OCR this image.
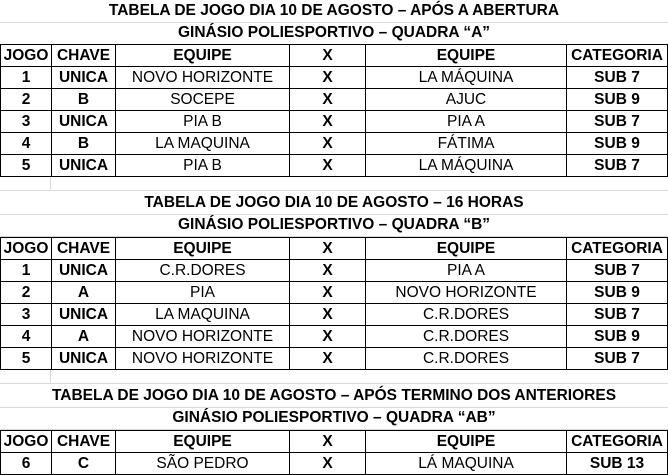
TABELA DE JOGO DIA 10 DE AGOSTO – APÓS A ABERTURA
GINÁSIO POLIESPORTIVO – QUADRA “A”
JOGO	CHAVE	EQUIPE	X	EQUIPE	CATEGORIA
1	UNICA	NOVO HORIZONTE	X	LA MÁQUINA	SUB 7
2	B	SOCEPE	X	AJUC	SUB 9
3	UNICA	PIA B	X	PIA A	SUB 7
4	B	LA MAQUINA	X	FÁTIMA	SUB 9
5	UNICA	PIA B	X	LA MÁQUINA	SUB 7
TABELA DE JOGO DIA 10 DE AGOSTO – 16 HORAS
GINÁSIO POLIESPORTIVO – QUADRA “B”
JOGO	CHAVE	EQUIPE	X	EQUIPE	CATEGORIA
1	UNICA	C.R.DORES	X	PIA A	SUB 7
2	A	PIA	X	NOVO HORIZONTE	SUB 9
3	UNICA	LA MAQUINA	X	C.R.DORES	SUB 7
4	A	NOVO HORIZONTE	X	C.R.DORES	SUB 9
5	UNICA	NOVO HORIZONTE	X	C.R.DORES	SUB 7
TABELA DE JOGO DIA 10 DE AGOSTO – APÓS TERMINO DOS ANTERIORES
GINÁSIO POLIESPORTIVO – QUADRA “AB”
JOGO	CHAVE	EQUIPE	X	EQUIPE	CATEGORIA
6	C	SÃO PEDRO	X	LÁ MAQUINA	SUB 13
